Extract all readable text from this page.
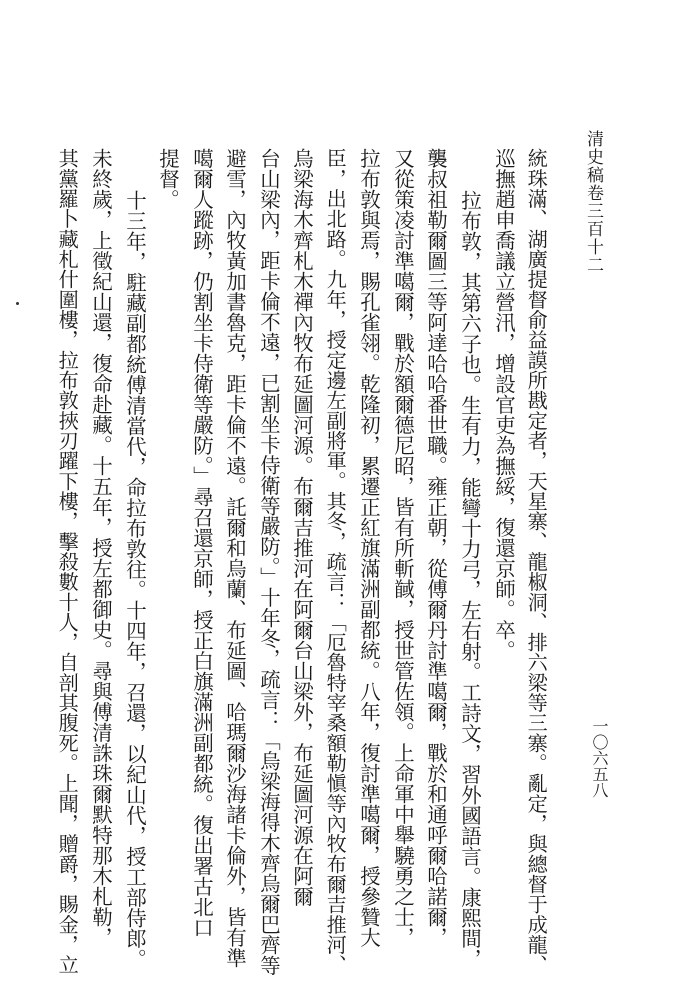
清史稿卷三百十二
一〇六五八
統珠滿、湖廣提督俞益謨所戡定者，天星寨、龍椒洞、排六梁等三寨。亂定，與總督于成龍、
巡撫趙申喬議立營汛，增設官吏為撫綏，復還京師。卒。
拉布敦，其第六子也。生有力，能彎十力弓，左右射。工詩文，習外國語言。康熙間，
襲叔祖勒爾圖三等阿達哈哈番世職。雍正朝，從傅爾丹討準噶爾，戰於和通呼爾哈諾爾，
又從策凌討準噶爾，戰於額爾德尼昭，皆有所斬馘，授世管佐領。上命軍中舉驍勇之士，
拉布敦與焉，賜孔雀翎。乾隆初，累遷正紅旗滿洲副都統。八年，復討準噶爾，授參贊大
臣，出北路。九年，授定邊左副將軍。其冬，疏言：「厄魯特宰桑額勒愼等內牧布爾吉推河、
烏梁海木齊札木禪內牧布延圖河源。布爾吉推河在阿爾台山梁外，布延圖河源在阿爾
台山梁內，距卡倫不遠，已割坐卡侍衛等嚴防。」十年冬，疏言：「烏梁海得木齊烏爾巴齊等
避雪，內牧黃加書魯克，距卡倫不遠。託爾和烏蘭、布延圖、哈瑪爾沙海諸卡倫外，皆有準
噶爾人蹤跡，仍割坐卡侍衛等嚴防。」尋召還京師，授正白旗滿洲副都統。復出署古北口
提督。
十三年，駐藏副都統傅清當代，命拉布敦往。十四年，召還，以紀山代，授工部侍郎。
未終歲，上徵紀山還，復命赴藏。十五年，授左都御史。尋與傅清誅珠爾默特那木札勒，
其黨羅卜藏札什圍樓，拉布敦挾刃躍下樓，擊殺數十人，自剖其腹死。上聞，贈爵，賜金，立
